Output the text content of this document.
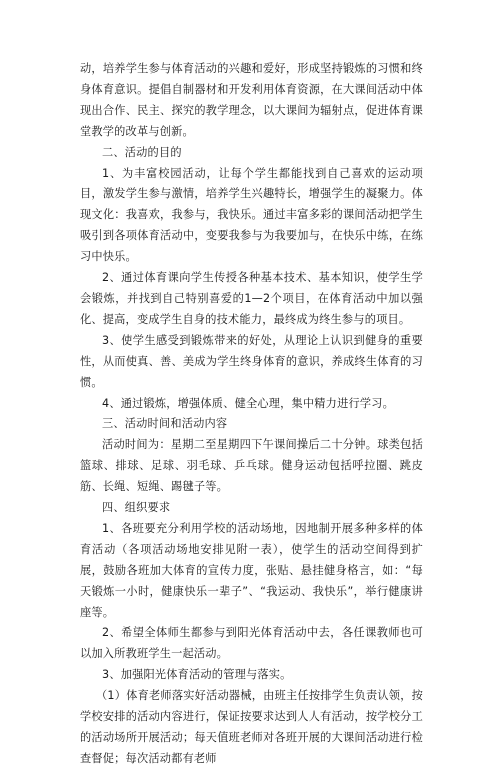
动，培养学生参与体育活动的兴趣和爱好，形成坚持锻炼的习惯和终身体育意识。提倡自制器材和开发利用体育资源，在大课间活动中体现出合作、民主、探究的教学理念，以大课间为辐射点，促进体育课堂教学的改革与创新。

二、活动的目的

1、为丰富校园活动，让每个学生都能找到自己喜欢的运动项目，激发学生参与激情，培养学生兴趣特长，增强学生的凝聚力。体现文化：我喜欢，我参与，我快乐。通过丰富多彩的课间活动把学生吸引到各项体育活动中，变要我参与为我要加与，在快乐中练，在练习中快乐。

2、通过体育课向学生传授各种基本技术、基本知识，使学生学会锻炼，并找到自己特别喜爱的1—2个项目，在体育活动中加以强化、提高，变成学生自身的技术能力，最终成为终生参与的项目。

3、使学生感受到锻炼带来的好处，从理论上认识到健身的重要性，从而使真、善、美成为学生终身体育的意识，养成终生体育的习惯。

4、通过锻炼，增强体质、健全心理，集中精力进行学习。

三、活动时间和活动内容

活动时间为：星期二至星期四下午课间操后二十分钟。球类包括篮球、排球、足球、羽毛球、乒乓球。健身运动包括呼拉圈、跳皮筋、长绳、短绳、踢毽子等。

四、组织要求

1、各班要充分利用学校的活动场地，因地制开展多种多样的体育活动（各项活动场地安排见附一表），使学生的活动空间得到扩展，鼓励各班加大体育的宣传力度，张贴、悬挂健身格言，如：“每天锻炼一小时，健康快乐一辈子”、“我运动、我快乐”，举行健康讲座等。

2、希望全体师生都参与到阳光体育活动中去，各任课教师也可以加入所教班学生一起活动。

3、加强阳光体育活动的管理与落实。

（1）体育老师落实好活动器械，由班主任按排学生负责认领，按学校安排的活动内容进行，保证按要求达到人人有活动，按学校分工的活动场所开展活动；每天值班老师对各班开展的大课间活动进行检查督促；每次活动都有老师
